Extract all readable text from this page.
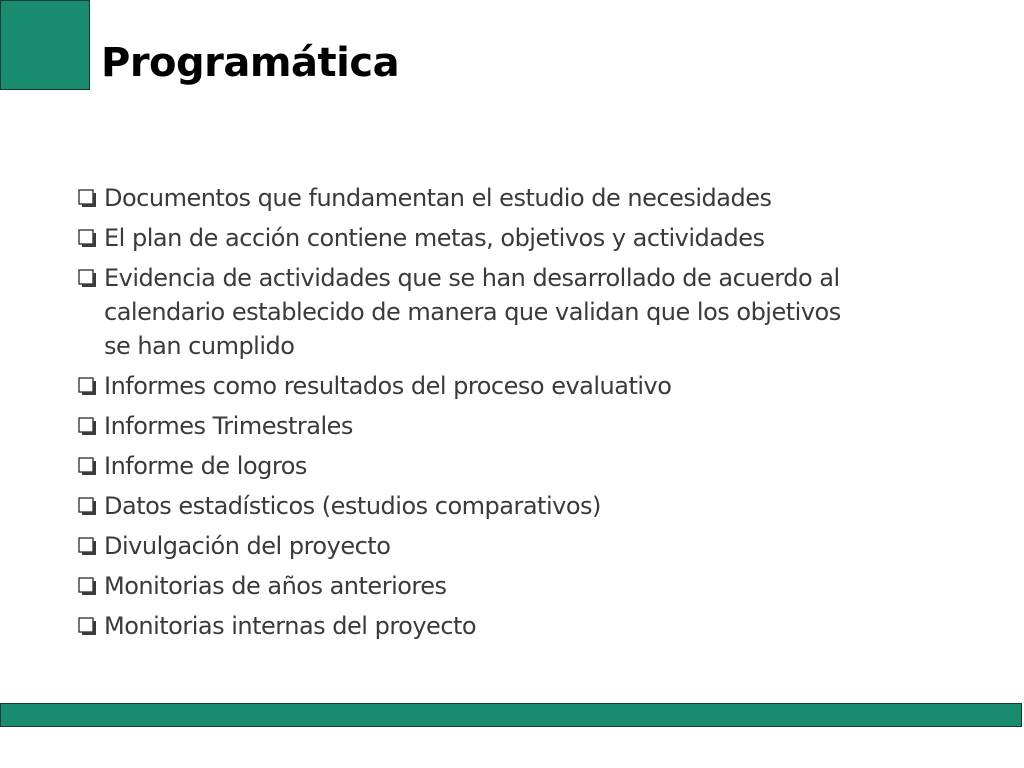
Programática
Documentos que fundamentan el estudio de necesidades
El plan de acción contiene metas, objetivos y actividades
Evidencia de actividades que se han desarrollado de acuerdo al calendario establecido de manera que validan que los objetivos se han cumplido
Informes como resultados del proceso evaluativo
Informes Trimestrales
Informe de logros
Datos estadísticos (estudios comparativos)
Divulgación del proyecto
Monitorias de años anteriores
Monitorias internas del proyecto
